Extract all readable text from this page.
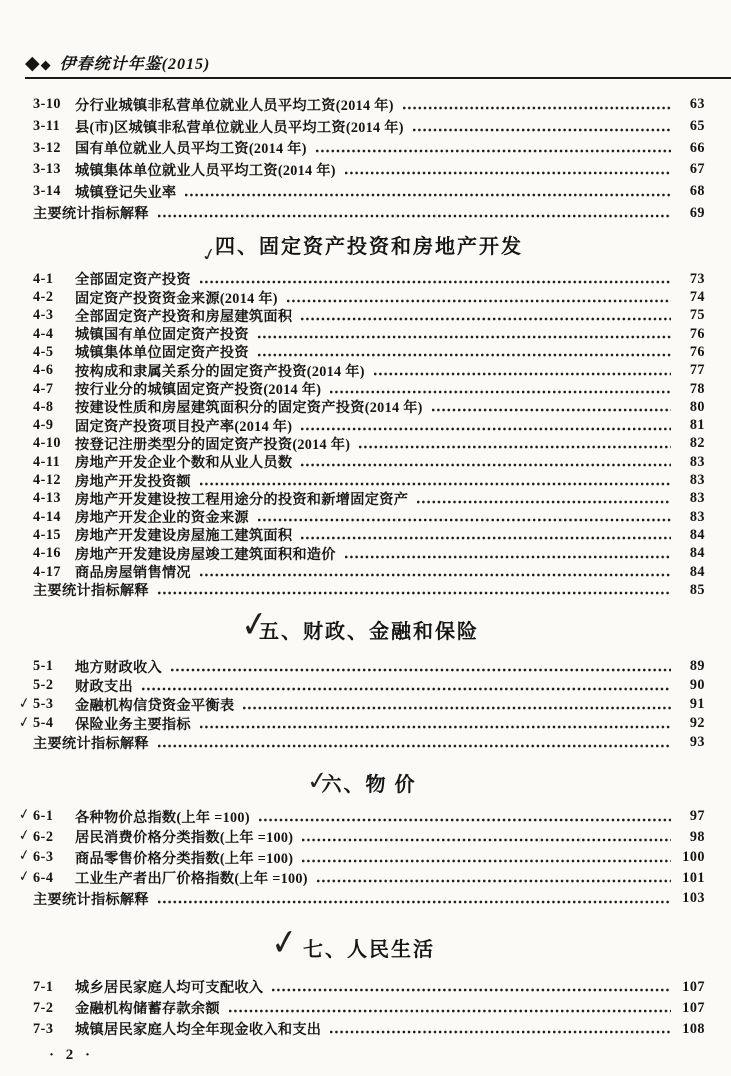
◆ ◆ 伊春统计年鉴(2015)
3-10 分行业城镇非私营单位就业人员平均工资(2014 年)	63
3-11	县(市)区城镇非私营单位就业人员平均工资(2014 年)	65
3-12 国有单位就业人员平均工资(2014 年)	66
3-13 城镇集体单位就业人员平均工资(2014 年)	67
3-14 城镇登记失业率	68
主要统计指标解释	69
✓
四、固定资产投资和房地产开发
4-1	全部固定资产投资	73
4-2	固定资产投资资金来源(2014 年)	74
4-3	全部固定资产投资和房屋建筑面积	75
4-4	城镇国有单位固定资产投资	76
4-5	城镇集体单位固定资产投资	76
4-6	按构成和隶属关系分的固定资产投资(2014 年)	77
4-7	按行业分的城镇固定资产投资(2014 年)	78
4-8	按建设性质和房屋建筑面积分的固定资产投资(2014 年)	80
4-9	固定资产投资项目投产率(2014 年)	81
4-10 按登记注册类型分的固定资产投资(2014 年)	82
4-11	房地产开发企业个数和从业人员数	83
4-12 房地产开发投资额	83
4-13 房地产开发建设按工程用途分的投资和新增固定资产	83
4-14 房地产开发企业的资金来源	83
4-15 房地产开发建设房屋施工建筑面积	84
4-16 房地产开发建设房屋竣工建筑面积和造价	84
4-17 商品房屋销售情况	84
主要统计指标解释	85
✓
五、财政、金融和保险
5-1	地方财政收入	89
5-2	财政支出	90
✓ 5-3	金融机构信贷资金平衡表	91
✓ 5-4	保险业务主要指标	92
主要统计指标解释	93
✓
六、物 价
✓ 6-1	各种物价总指数(上年 =100)	97
✓ 6-2	居民消费价格分类指数(上年 =100)	98
✓ 6-3	商品零售价格分类指数(上年 =100)	100
✓ 6-4	工业生产者出厂价格指数(上年 =100)	101
主要统计指标解释	103
✓ 七、人民生活
7-1	城乡居民家庭人均可支配收入	107
7-2	金融机构储蓄存款余额	107
7-3	城镇居民家庭人均全年现金收入和支出	108
· 2 ·
